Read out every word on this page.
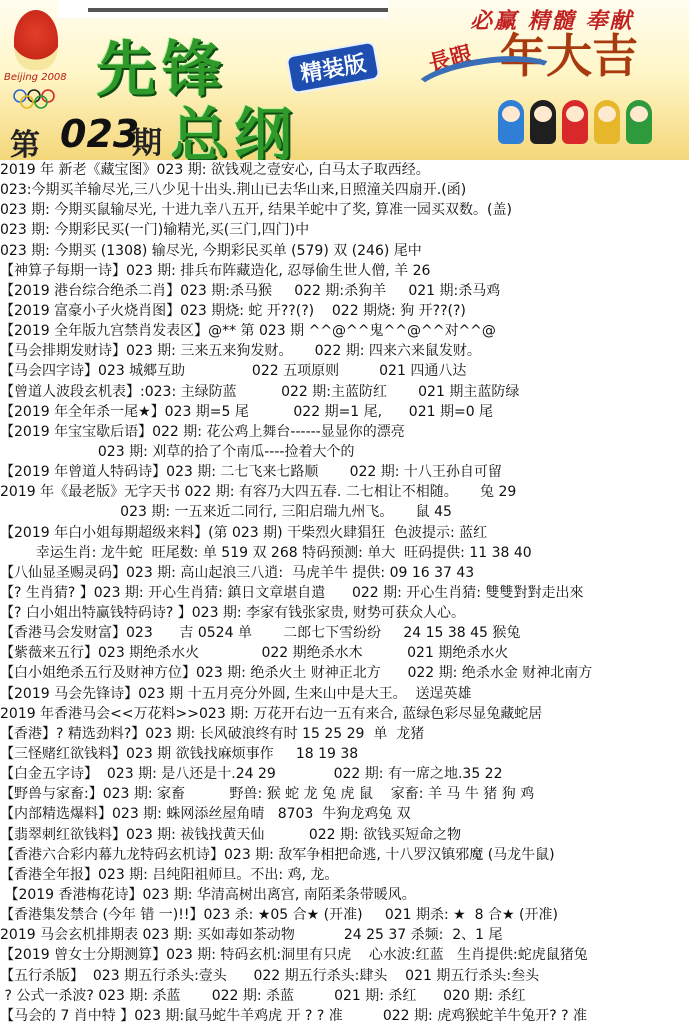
Beijing 2008 先锋
总纲
精装版
必赢 精髓 奉献
長跟 年大吉
第 023
期
2019 年 新老《藏宝图》023 期: 欲钱观之壹安心, 白马太子取西经。
023:今期买羊输尽光,三八少见十出头.荆山已去华山来,日照潼关四扇开.(函)
023 期: 今期买鼠输尽光, 十进九幸八五开, 结果羊蛇中了奖, 算准一园买双数。(盖)
023 期: 今期彩民买(一门)输精光,买(三门,四门)中
023 期: 今期买 (1308) 输尽光, 今期彩民买单 (579) 双 (246) 尾中
【神算子每期一诗】023 期: 排兵布阵藏造化, 忍辱偷生世人僧, 羊 26
【2019 港台综合绝杀二肖】023 期:杀马猴     022 期:杀狗羊     021 期:杀马鸡
【2019 富豪小子火烧肖图】023 期烧: 蛇 开??(?)    022 期烧: 狗 开??(?)
【2019 全年版九宫禁肖发表区】@** 第 023 期 ^^@^^鬼^^@^^对^^@
【马会排期发财诗】023 期: 三来五来狗发财。     022 期: 四来六来鼠发财。
【马会四字诗】023 城郷互助               022 五项原则         021 四通八达
【曾道人波段玄机表】:023: 主绿防蓝          022 期:主蓝防红       021 期主蓝防绿
【2019 年全年杀一尾★】023 期=5 尾          022 期=1 尾,      021 期=0 尾
【2019 年宝宝歇后语】022 期: 花公鸡上舞台------显显你的漂亮
023 期: 刈草的拾了个南瓜----捡着大个的
【2019 年曾道人特码诗】023 期: 二七飞来七路顺       022 期: 十八王孙自可留
2019 年《最老版》无字天书 022 期: 有容乃大四五春. 二七相让不相随。     兔 29
023 期: 一五来近二同行, 三阳启瑞九州飞。     鼠 45
【2019 年白小姐每期超级来料】(第 023 期) 干柴烈火肆猖狂  色波提示: 蓝红
幸运生肖: 龙牛蛇  旺尾数: 单 519 双 268 特码预测: 单大  旺码提供: 11 38 40
【八仙显圣赐灵码】023 期: 高山起浪三八逍:  马虎羊牛 提供: 09 16 37 43
【? 生肖猜? 】023 期: 开心生肖猜: 鎮日文章堪自遣      022 期: 开心生肖猜: 雙雙對對走出來
【? 白小姐出特赢钱特码诗? 】023 期: 李家有钱张家贵, 财势可获众人心。
【香港马会发财富】023      吉 0524 单       二郎七下雪纷纷     24 15 38 45 猴兔
【紫薇来五行】023 期绝杀水火              022 期绝杀水木          021 期绝杀水火
【白小姐绝杀五行及财神方位】023 期: 绝杀火土 财神正北方      022 期: 绝杀水金 财神北南方
【2019 马会先锋诗】023 期 十五月亮分外圆, 生来山中是大王。  送逞英雄
2019 年香港马会<<万花料>>023 期: 万花开右边一五有来合, 蓝绿色彩尽显兔藏蛇居
【香港】? 精选劲料?】023 期: 长风破浪终有时 15 25 29  单  龙猪
【三怪赌红欲钱料】023 期 欲钱找麻烦事作     18 19 38
【白金五字诗】  023 期: 是八还是十.24 29             022 期: 有一席之地.35 22
【野兽与家畜:】023 期: 家畜          野兽: 猴 蛇 龙 兔 虎 鼠    家畜: 羊 马 牛 猪 狗 鸡
【内部精选爆料】023 期: 蛛网添丝屋角晴   8703  牛狗龙鸡兔 双
【翡翠刺红欲钱料】023 期: 祓钱找黄天仙          022 期: 欲钱买短命之物
【香港六合彩内幕九龙特码玄机诗】023 期: 敌军争相把命逃, 十八罗汉镇邪魔 (马龙牛鼠)
【香港全年报】023 期: 吕纯阳祖师旦。不出: 鸡, 龙。
【2019 香港梅花诗】023 期: 华清高树出离宫, 南陌柔条带暖风。
【香港集发禁合 (今年 错 一)!!】023 杀: ★05 合★ (开准)     021 期杀: ★  8 合★ (开准)
2019 马会玄机排期表 023 期: 买如毒如茶动物           24 25 37 杀频:  2、1 尾
【2019 曾女士分期测算】023 期: 特码玄机:洞里有只虎    心水波:红蓝   生肖提供:蛇虎鼠猪兔
【五行杀版】  023 期五行杀头:壹头      022 期五行杀头:肆头    021 期五行杀头:叁头
? 公式一杀波? 023 期: 杀蓝       022 期: 杀蓝         021 期: 杀红      020 期: 杀红
【马会的 7 肖中特 】023 期:鼠马蛇牛羊鸡虎 开 ? ? 准         022 期: 虎鸡猴蛇羊牛兔开? ? 准
